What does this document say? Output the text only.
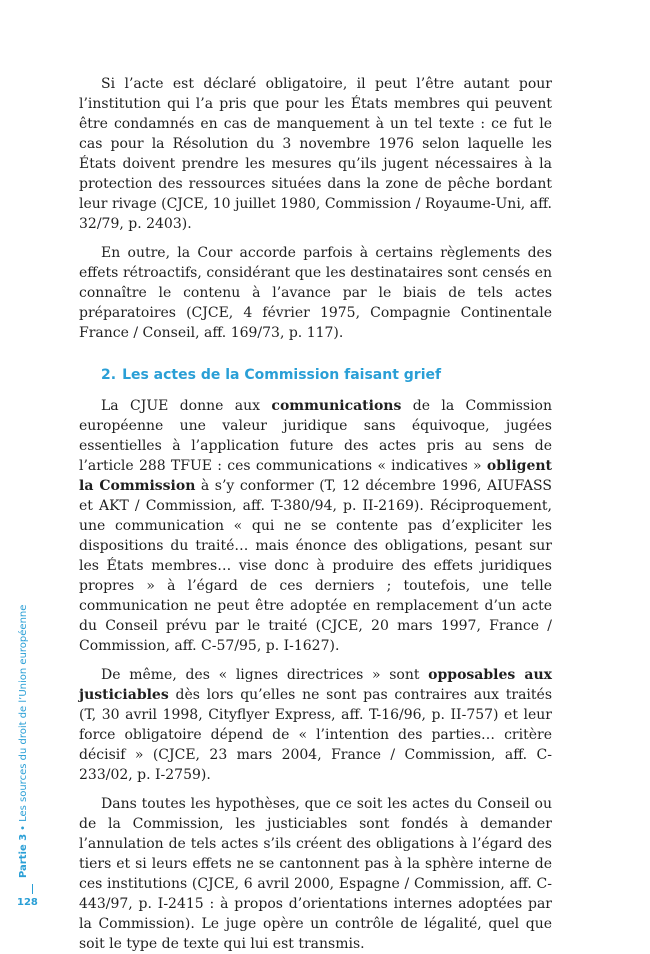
Si l’acte est déclaré obligatoire, il peut l’être autant pour l’institution qui l’a pris que pour les États membres qui peuvent être condamnés en cas de manquement à un tel texte : ce fut le cas pour la Résolution du 3 novembre 1976 selon laquelle les États doivent prendre les mesures qu’ils jugent nécessaires à la protection des ressources situées dans la zone de pêche bordant leur rivage (CJCE, 10 juillet 1980, Commission / Royaume-Uni, aff. 32/79, p. 2403).

En outre, la Cour accorde parfois à certains règlements des effets rétroactifs, considérant que les destinataires sont censés en connaître le contenu à l’avance par le biais de tels actes préparatoires (CJCE, 4 février 1975, Compagnie Continentale France / Conseil, aff. 169/73, p. 117).

2. Les actes de la Commission faisant grief

La CJUE donne aux communications de la Commission européenne une valeur juridique sans équivoque, jugées essentielles à l’application future des actes pris au sens de l’article 288 TFUE : ces communications « indicatives » obligent la Commission à s’y conformer (T, 12 décembre 1996, AIUFASS et AKT / Commission, aff. T-380/94, p. II-2169). Réciproquement, une communication « qui ne se contente pas d’expliciter les dispositions du traité… mais énonce des obligations, pesant sur les États membres… vise donc à produire des effets juridiques propres » à l’égard de ces derniers ; toutefois, une telle communication ne peut être adoptée en remplacement d’un acte du Conseil prévu par le traité (CJCE, 20 mars 1997, France / Commission, aff. C-57/95, p. I-1627).

De même, des « lignes directrices » sont opposables aux justiciables dès lors qu’elles ne sont pas contraires aux traités (T, 30 avril 1998, Cityflyer Express, aff. T-16/96, p. II-757) et leur force obligatoire dépend de « l’intention des parties… critère décisif » (CJCE, 23 mars 2004, France / Commission, aff. C-233/02, p. I-2759).

Dans toutes les hypothèses, que ce soit les actes du Conseil ou de la Commission, les justiciables sont fondés à demander l’annulation de tels actes s’ils créent des obligations à l’égard des tiers et si leurs effets ne se cantonnent pas à la sphère interne de ces institutions (CJCE, 6 avril 2000, Espagne / Commission, aff. C-443/97, p. I-2415 : à propos d’orientations internes adoptées par la Commission). Le juge opère un contrôle de légalité, quel que soit le type de texte qui lui est transmis.

Partie 3•Les sources du droit de l’Union européenne
128
